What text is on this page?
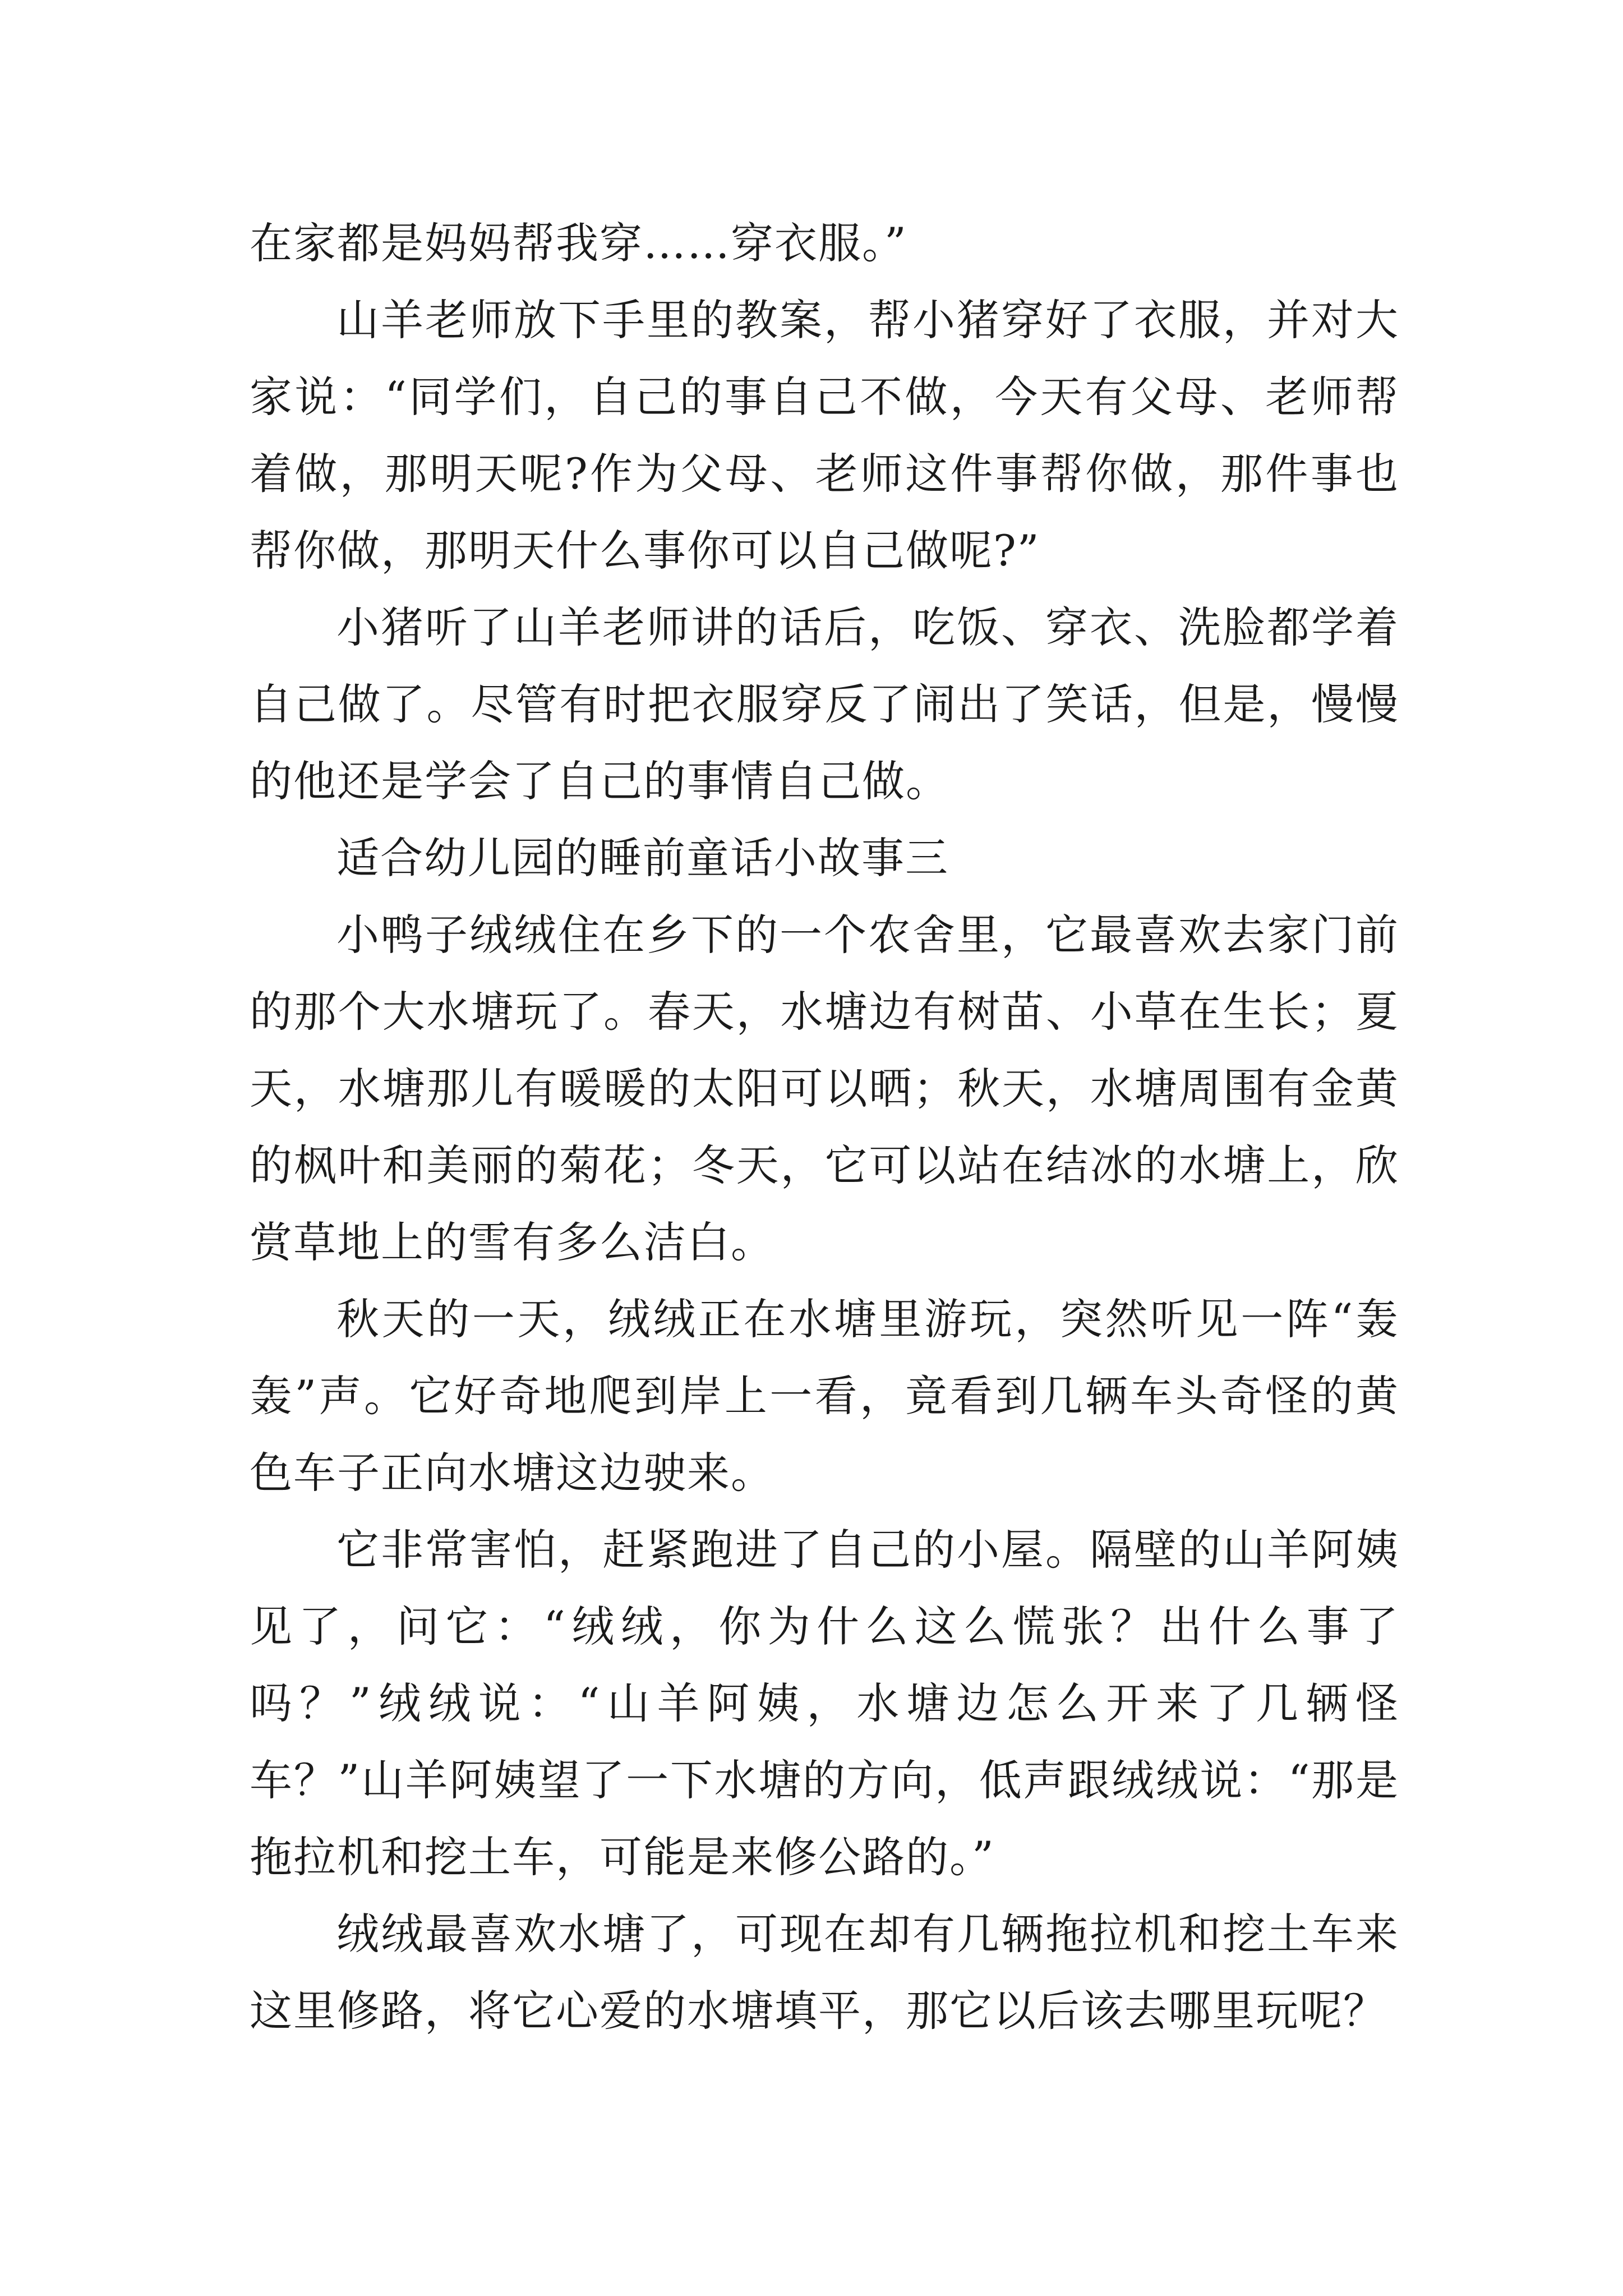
在家都是妈妈帮我穿……穿衣服。”

山羊老师放下手里的教案，帮小猪穿好了衣服，并对大家说：“同学们，自己的事自己不做，今天有父母、老师帮着做，那明天呢?作为父母、老师这件事帮你做，那件事也帮你做，那明天什么事你可以自己做呢?”

小猪听了山羊老师讲的话后，吃饭、穿衣、洗脸都学着自己做了。尽管有时把衣服穿反了闹出了笑话，但是，慢慢的他还是学会了自己的事情自己做。

适合幼儿园的睡前童话小故事三

小鸭子绒绒住在乡下的一个农舍里，它最喜欢去家门前的那个大水塘玩了。春天，水塘边有树苗、小草在生长；夏天，水塘那儿有暖暖的太阳可以晒；秋天，水塘周围有金黄的枫叶和美丽的菊花；冬天，它可以站在结冰的水塘上，欣赏草地上的雪有多么洁白。

秋天的一天，绒绒正在水塘里游玩，突然听见一阵“轰轰”声。它好奇地爬到岸上一看，竟看到几辆车头奇怪的黄色车子正向水塘这边驶来。

它非常害怕，赶紧跑进了自己的小屋。隔壁的山羊阿姨见了，问它：“绒绒，你为什么这么慌张？出什么事了吗？”绒绒说：“山羊阿姨，水塘边怎么开来了几辆怪车？”山羊阿姨望了一下水塘的方向，低声跟绒绒说：“那是拖拉机和挖土车，可能是来修公路的。”

绒绒最喜欢水塘了，可现在却有几辆拖拉机和挖土车来这里修路，将它心爱的水塘填平，那它以后该去哪里玩呢？
